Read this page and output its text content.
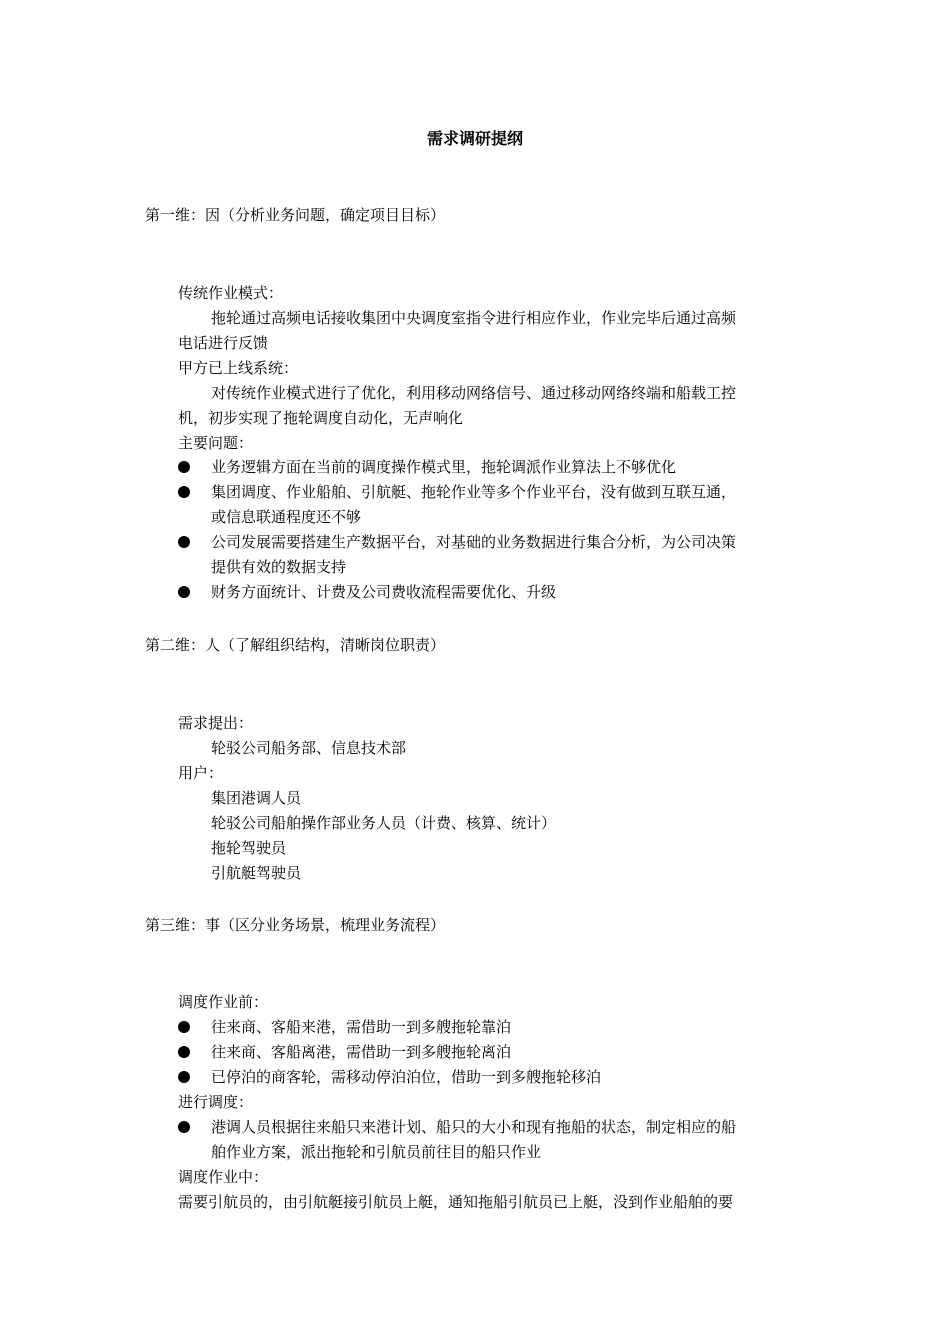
需求调研提纲
第一维：因（分析业务问题，确定项目目标）
传统作业模式：
拖轮通过高频电话接收集团中央调度室指令进行相应作业，作业完毕后通过高频
电话进行反馈
甲方已上线系统：
对传统作业模式进行了优化，利用移动网络信号、通过移动网络终端和船载工控
机，初步实现了拖轮调度自动化，无声响化
主要问题：
业务逻辑方面在当前的调度操作模式里，拖轮调派作业算法上不够优化
集团调度、作业船舶、引航艇、拖轮作业等多个作业平台，没有做到互联互通，
或信息联通程度还不够
公司发展需要搭建生产数据平台，对基础的业务数据进行集合分析，为公司决策
提供有效的数据支持
财务方面统计、计费及公司费收流程需要优化、升级
第二维：人（了解组织结构，清晰岗位职责）
需求提出：
轮驳公司船务部、信息技术部
用户：
集团港调人员
轮驳公司船舶操作部业务人员（计费、核算、统计）
拖轮驾驶员
引航艇驾驶员
第三维：事（区分业务场景，梳理业务流程）
调度作业前：
往来商、客船来港，需借助一到多艘拖轮靠泊
往来商、客船离港，需借助一到多艘拖轮离泊
已停泊的商客轮，需移动停泊泊位，借助一到多艘拖轮移泊
进行调度：
港调人员根据往来船只来港计划、船只的大小和现有拖船的状态，制定相应的船
舶作业方案，派出拖轮和引航员前往目的船只作业
调度作业中：
需要引航员的，由引航艇接引航员上艇，通知拖船引航员已上艇，没到作业船舶的要
